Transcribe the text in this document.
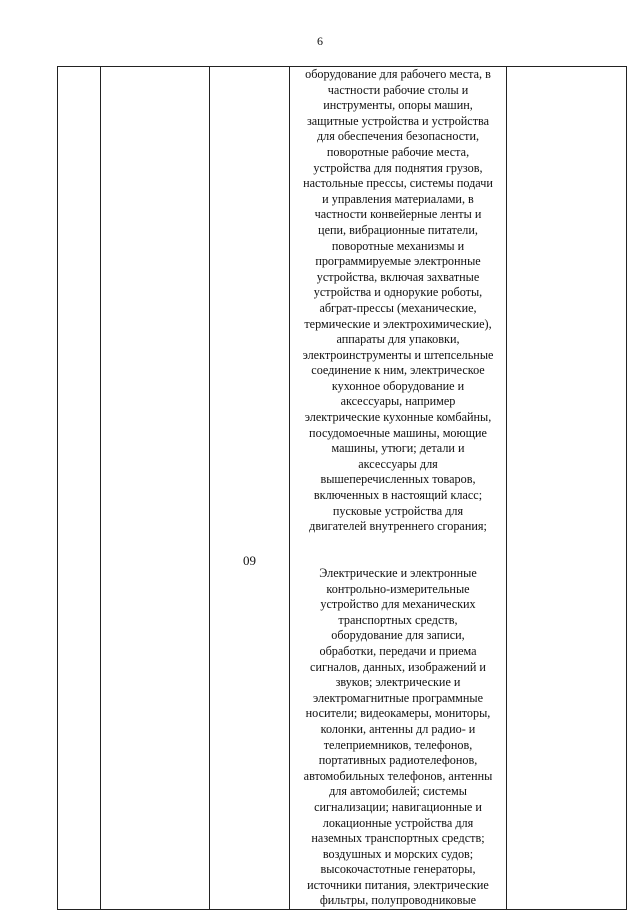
6
		09	
оборудование для рабочего места, в
частности рабочие столы и
инструменты, опоры машин,
защитные устройства и устройства
для обеспечения безопасности,
поворотные рабочие места,
устройства для поднятия грузов,
настольные прессы, системы подачи
и управления материалами, в
частности конвейерные ленты и
цепи, вибрационные питатели,
поворотные механизмы и
программируемые электронные
устройства, включая захватные
устройства и однорукие роботы,
абграт-прессы (механические,
термические и электрохимические),
аппараты для упаковки,
электроинструменты и штепсельные
соединение к ним, электрическое
кухонное оборудование и
аксессуары, например
электрические кухонные комбайны,
посудомоечные машины, моющие
машины, утюги; детали и
аксессуары для
вышеперечисленных товаров,
включенных в настоящий класс;
пусковые устройства для
двигателей внутреннего сгорания;
Электрические и электронные
контрольно-измерительные
устройство для механических
транспортных средств,
оборудование для записи,
обработки, передачи и приема
сигналов, данных, изображений и
звуков; электрические и
электромагнитные программные
носители; видеокамеры, мониторы,
колонки, антенны дл радио- и
телеприемников, телефонов,
портативных радиотелефонов,
автомобильных телефонов, антенны
для автомобилей; системы
сигнализации; навигационные и
локационные устройства для
наземных транспортных средств;
воздушных и морских судов;
высокочастотные генераторы,
источники питания, электрические
фильтры, полупроводниковые
